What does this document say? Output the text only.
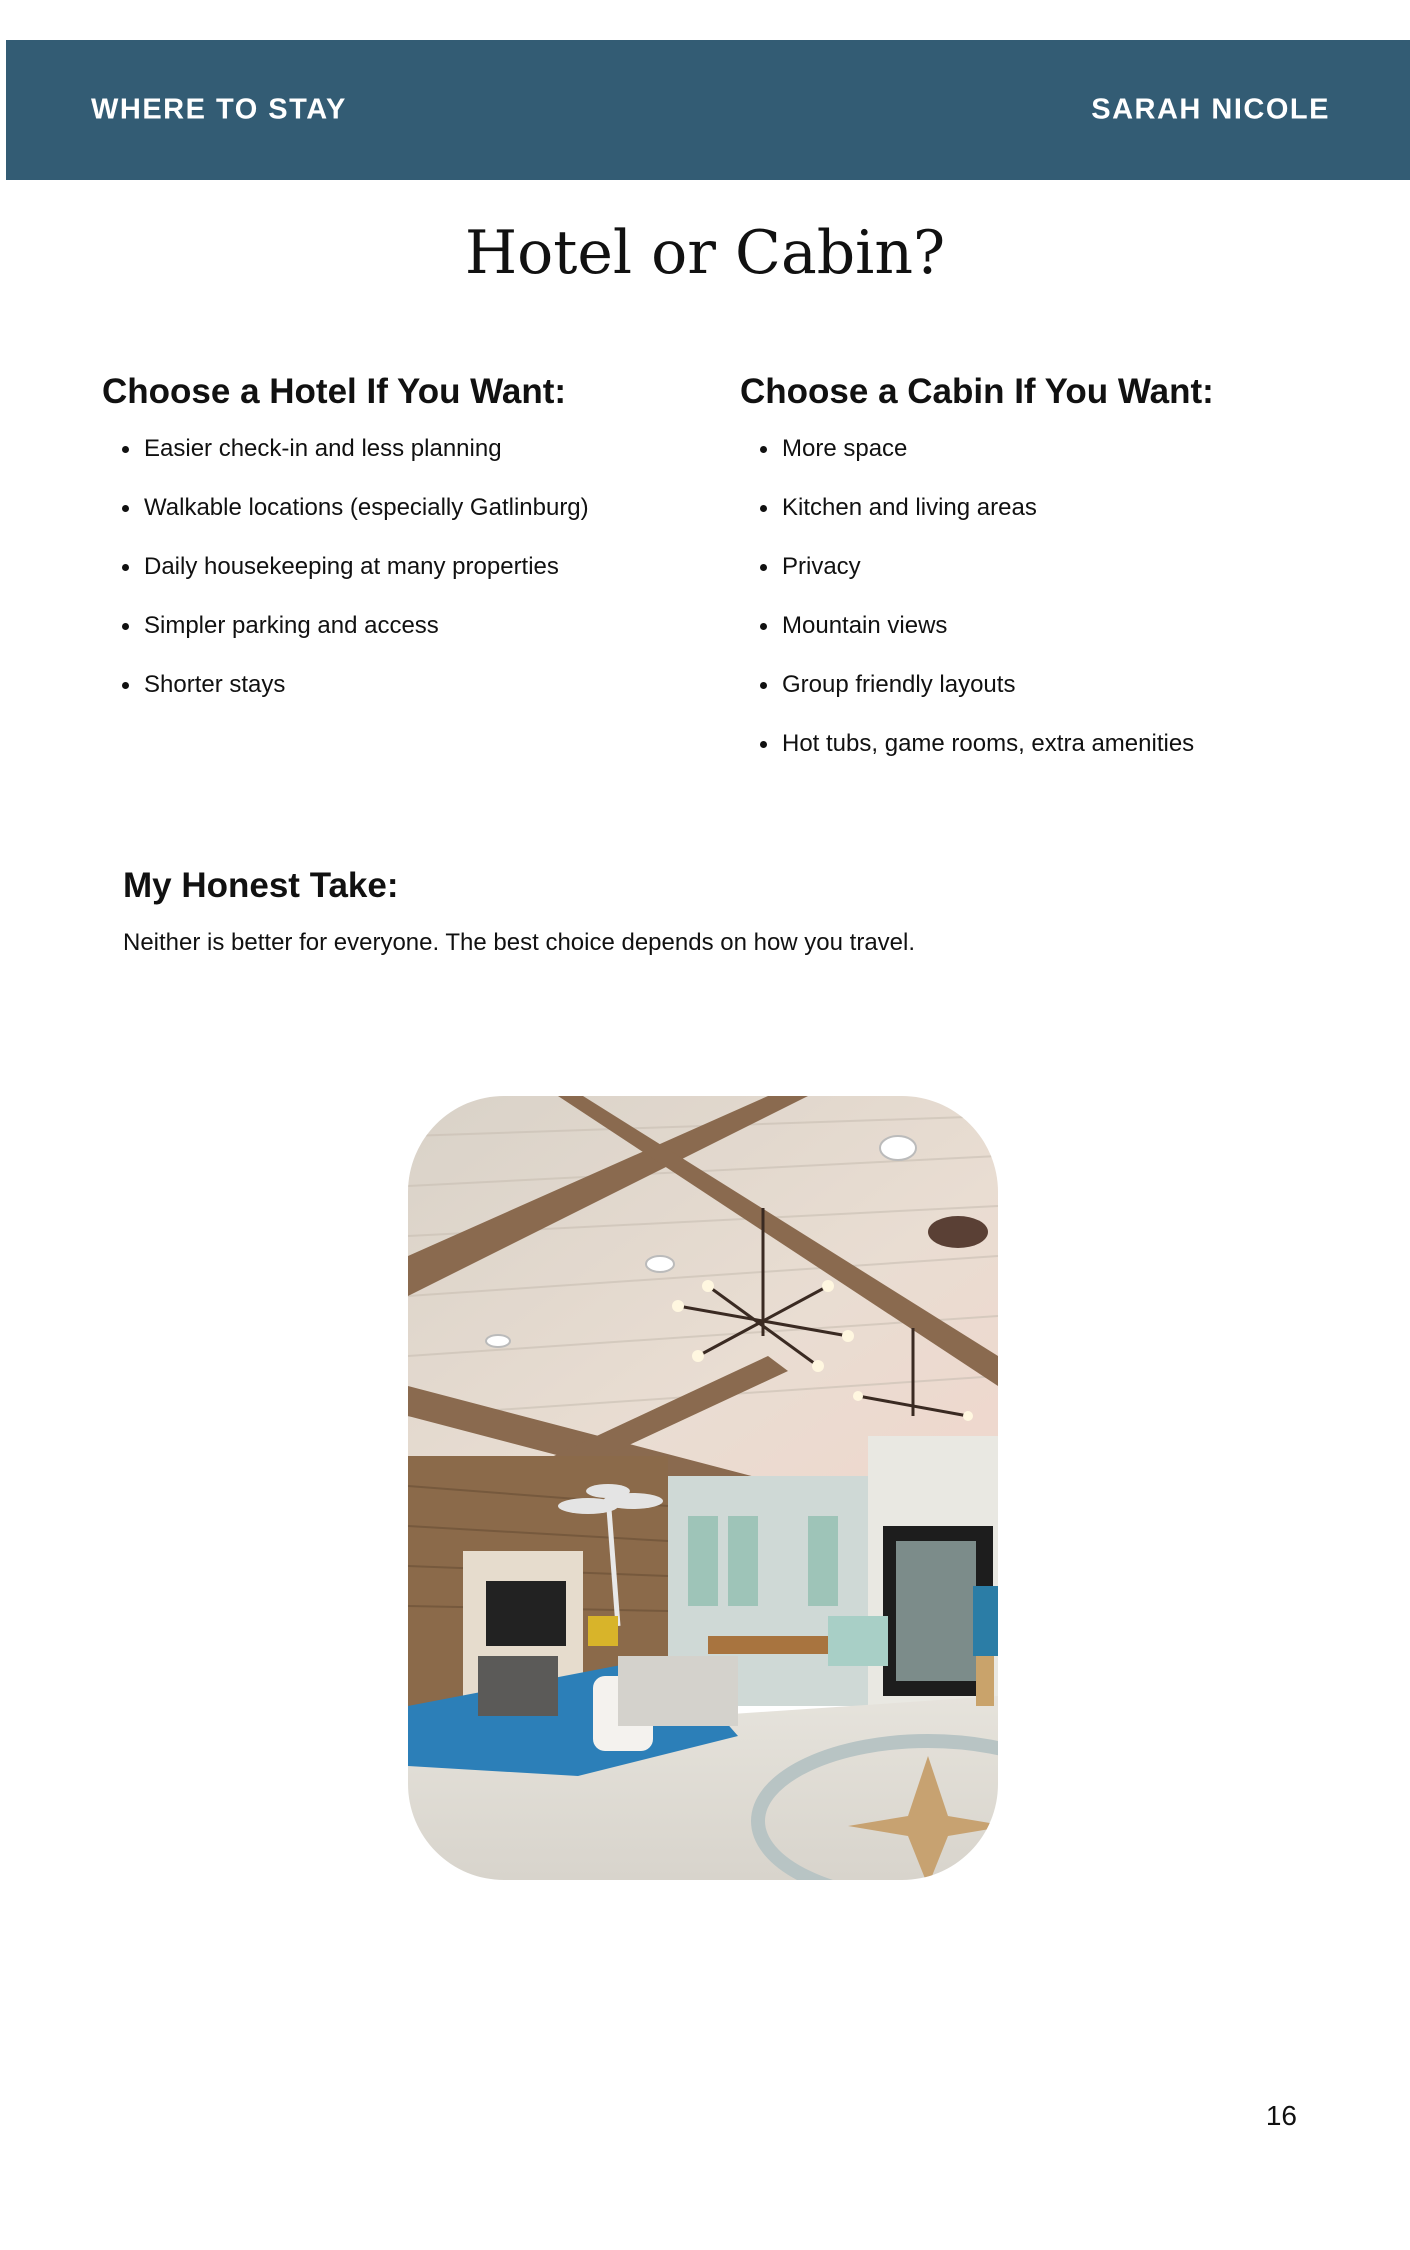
WHERE TO STAY	SARAH NICOLE
Hotel or Cabin?
Choose a Hotel If You Want:
Easier check-in and less planning
Walkable locations (especially Gatlinburg)
Daily housekeeping at many properties
Simpler parking and access
Shorter stays
Choose a Cabin If You Want:
More space
Kitchen and living areas
Privacy
Mountain views
Group friendly layouts
Hot tubs, game rooms, extra amenities
My Honest Take:

Neither is better for everyone. The best choice depends on how you travel.

16
